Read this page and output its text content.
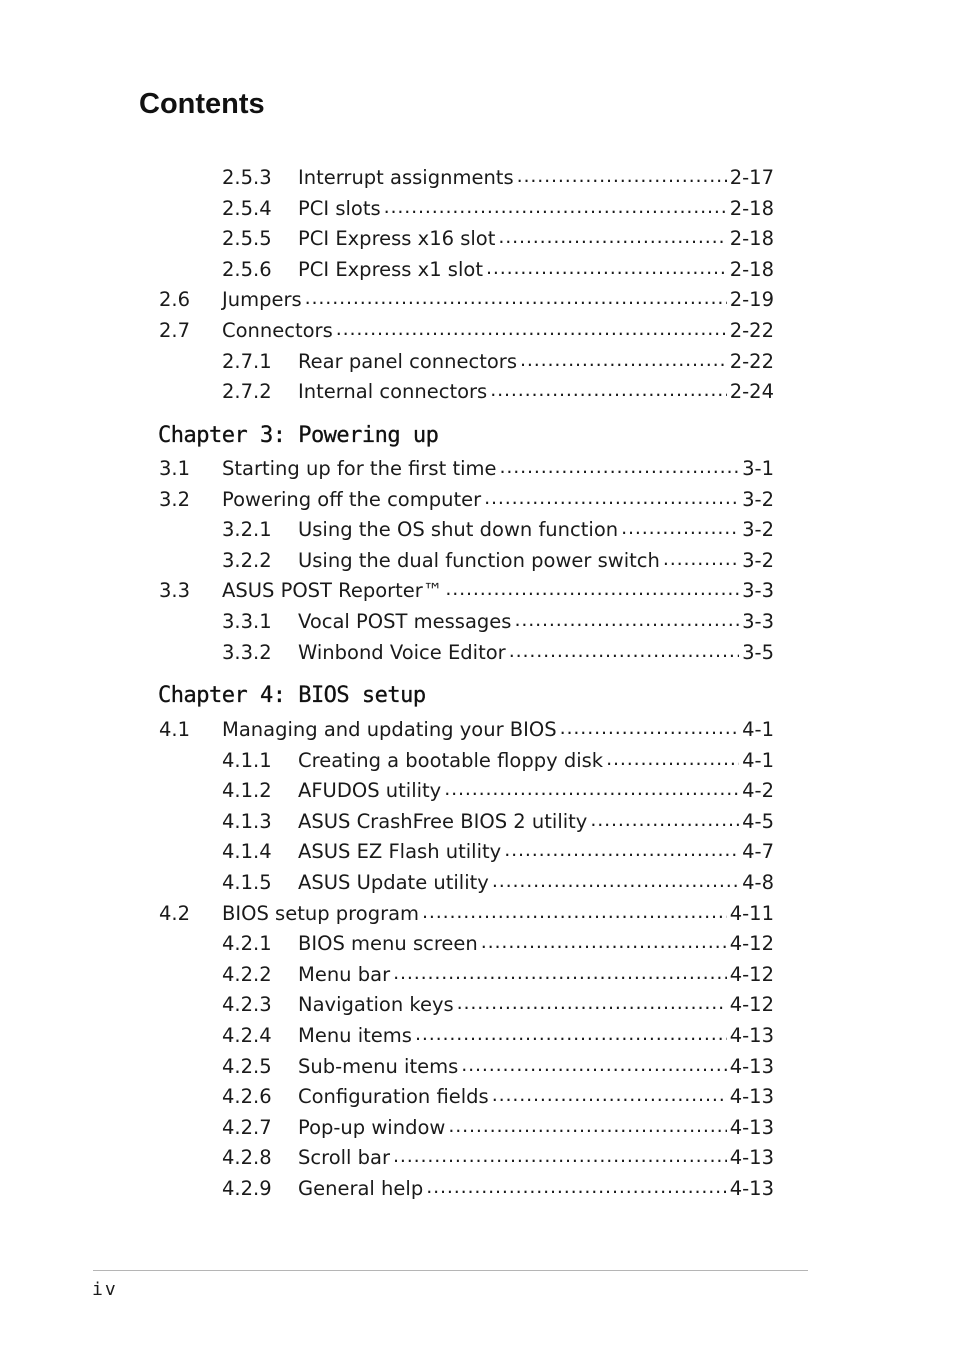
Contents
2.5.3	Interrupt assignments . . .	2-17
2.5.4	PCI slots . . .	2-18
2.5.5	PCI Express x16 slot . . .	2-18
2.5.6	PCI Express x1 slot . . .	2-18
2.6	Jumpers . . .	2-19
2.7	Connectors . . .	2-22
2.7.1	Rear panel connectors . . .	2-22
2.7.2	Internal connectors . . .	2-24
Chapter 3: Powering up
3.1	Starting up for the first time . . .	3-1
3.2	Powering off the computer . . .	3-2
3.2.1	Using the OS shut down function . . .	3-2
3.2.2	Using the dual function power switch . . .	3-2
3.3	ASUS POST Reporter™ . . .	3-3
3.3.1	Vocal POST messages . . .	3-3
3.3.2	Winbond Voice Editor . . .	3-5
Chapter 4: BIOS setup
4.1	Managing and updating your BIOS . . .	4-1
4.1.1	Creating a bootable floppy disk . . .	4-1
4.1.2	AFUDOS utility . . .	4-2
4.1.3	ASUS CrashFree BIOS 2 utility . . .	4-5
4.1.4	ASUS EZ Flash utility . . .	4-7
4.1.5	ASUS Update utility . . .	4-8
4.2	BIOS setup program . . .	4-11
4.2.1	BIOS menu screen . . .	4-12
4.2.2	Menu bar . . .	4-12
4.2.3	Navigation keys . . .	4-12
4.2.4	Menu items . . .	4-13
4.2.5	Sub-menu items . . .	4-13
4.2.6	Configuration fields . . .	4-13
4.2.7	Pop-up window . . .	4-13
4.2.8	Scroll bar . . .	4-13
4.2.9	General help . . .	4-13
iv
